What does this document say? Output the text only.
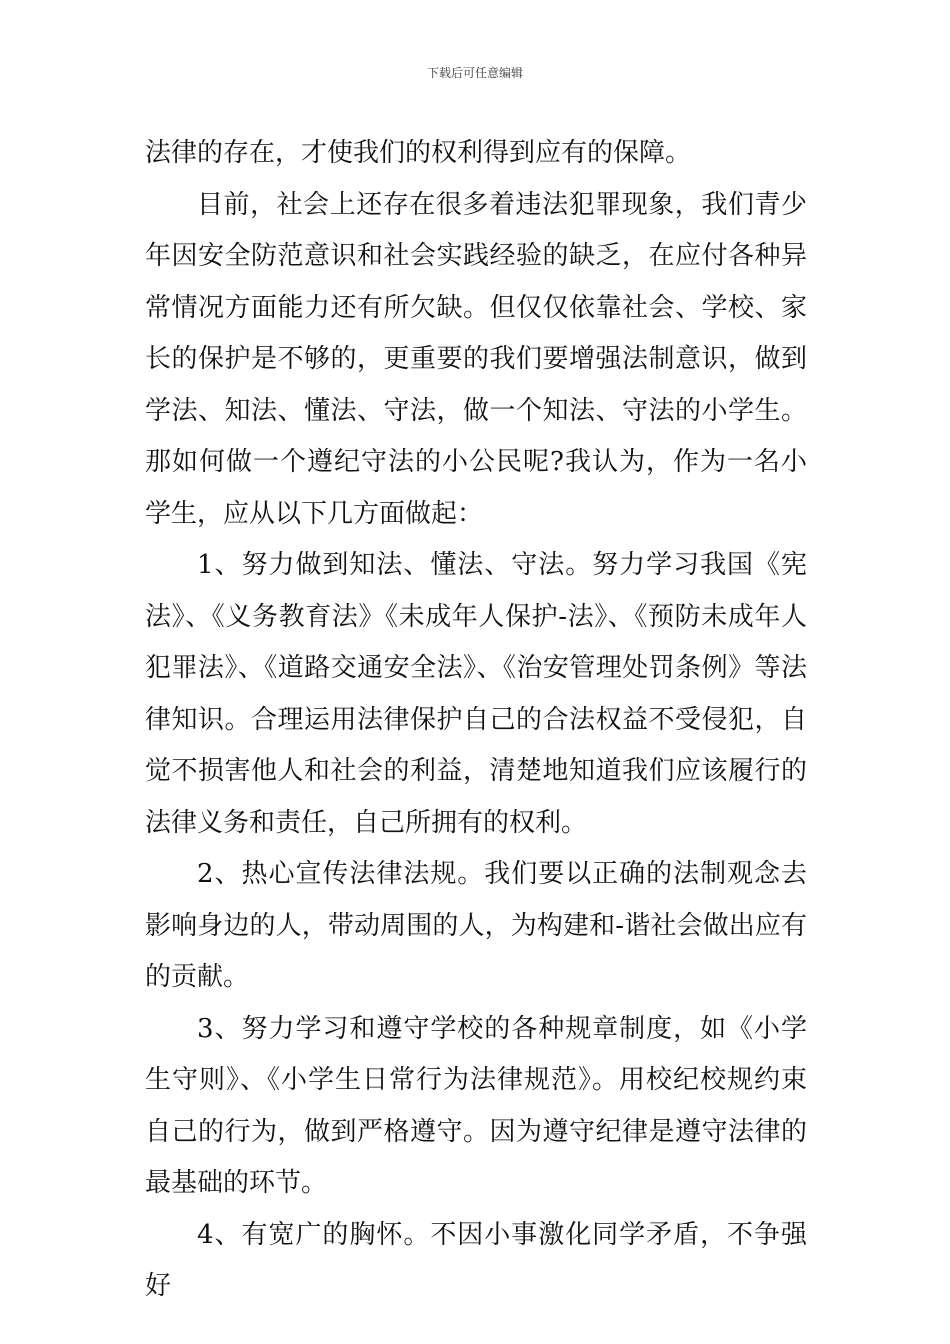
下载后可任意编辑

法律的存在，才使我们的权利得到应有的保障。

目前，社会上还存在很多着违法犯罪现象，我们青少年因安全防范意识和社会实践经验的缺乏，在应付各种异常情况方面能力还有所欠缺。但仅仅依靠社会、学校、家长的保护是不够的，更重要的我们要增强法制意识，做到学法、知法、懂法、守法，做一个知法、守法的小学生。那如何做一个遵纪守法的小公民呢?我认为，作为一名小学生，应从以下几方面做起：

1、努力做到知法、懂法、守法。努力学习我国《宪法》、《义务教育法》《未成年人保护-法》、《预防未成年人犯罪法》、《道路交通安全法》、《治安管理处罚条例》等法律知识。合理运用法律保护自己的合法权益不受侵犯，自觉不损害他人和社会的利益，清楚地知道我们应该履行的法律义务和责任，自己所拥有的权利。

2、热心宣传法律法规。我们要以正确的法制观念去影响身边的人，带动周围的人，为构建和-谐社会做出应有的贡献。

3、努力学习和遵守学校的各种规章制度，如《小学生守则》、《小学生日常行为法律规范》。用校纪校规约束自己的行为，做到严格遵守。因为遵守纪律是遵守法律的最基础的环节。

4、有宽广的胸怀。不因小事激化同学矛盾，不争强好
